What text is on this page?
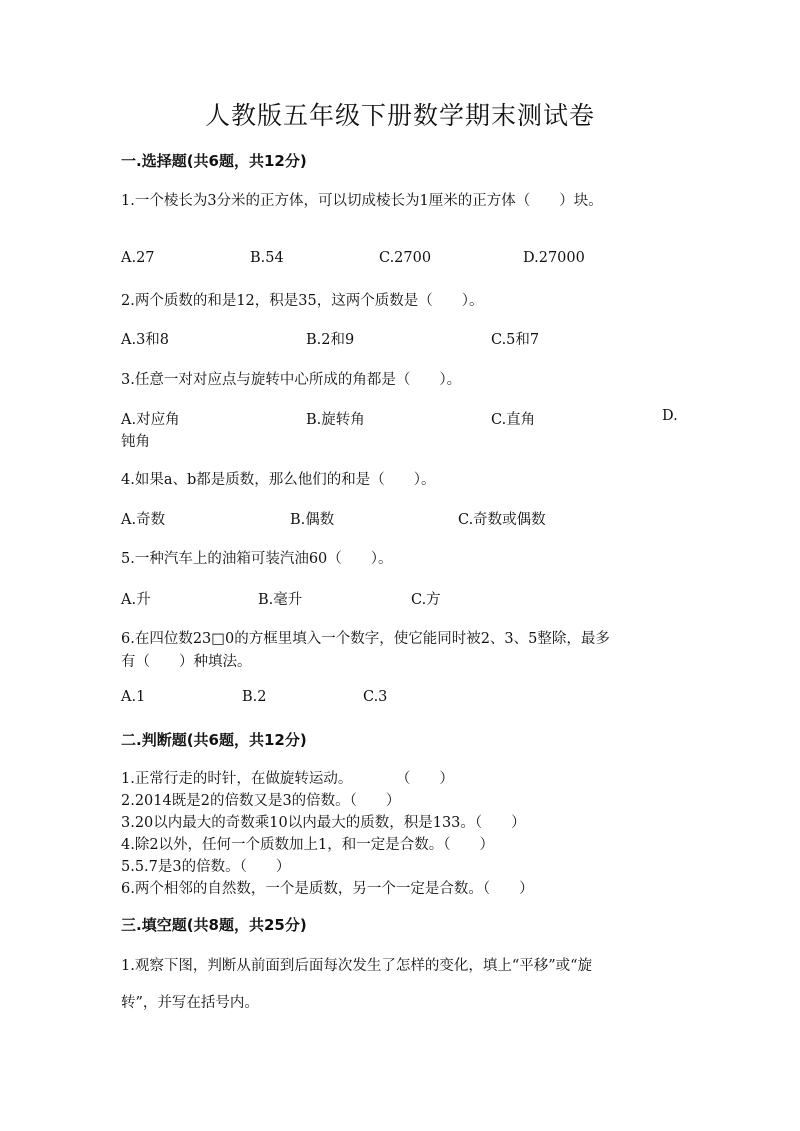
人教版五年级下册数学期末测试卷
一.选择题(共6题，共12分)
1.一个棱长为3分米的正方体，可以切成棱长为1厘米的正方体（　　）块。
A.27	B.54	C.2700	D.27000
2.两个质数的和是12，积是35，这两个质数是（　　）。
A.3和8	B.2和9	C.5和7
3.任意一对对应点与旋转中心所成的角都是（　　）。
A.对应角	B.旋转角	C.直角	D.
钝角
4.如果a、b都是质数，那么他们的和是（　　）。
A.奇数	B.偶数	C.奇数或偶数
5.一种汽车上的油箱可装汽油60（　　）。
A.升	B.毫升	C.方
6.在四位数23□0的方框里填入一个数字，使它能同时被2、3、5整除，最多
有（　　）种填法。
A.1	B.2	C.3
二.判断题(共6题，共12分)
1.正常行走的时针，在做旋转运动。　　　　（　　）
2.2014既是2的倍数又是3的倍数。（　　）
3.20以内最大的奇数乘10以内最大的质数，积是133。（　　）
4.除2以外，任何一个质数加上1，和一定是合数。（　　）
5.5.7是3的倍数。（　　）
6.两个相邻的自然数，一个是质数，另一个一定是合数。（　　）
三.填空题(共8题，共25分)
1.观察下图，判断从前面到后面每次发生了怎样的变化，填上“平移”或“旋
转”，并写在括号内。
